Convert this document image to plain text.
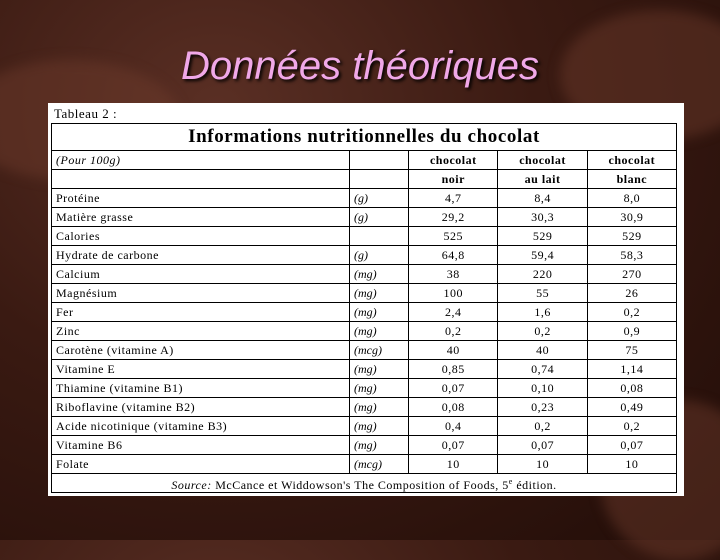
Données théoriques
Tableau 2 :
Informations nutritionnelles du chocolat
(Pour 100g)		chocolat	chocolat	chocolat
		noir	au lait	blanc
Protéine	(g)	4,7	8,4	8,0
Matière grasse	(g)	29,2	30,3	30,9
Calories		525	529	529
Hydrate de carbone	(g)	64,8	59,4	58,3
Calcium	(mg)	38	220	270
Magnésium	(mg)	100	55	26
Fer	(mg)	2,4	1,6	0,2
Zinc	(mg)	0,2	0,2	0,9
Carotène (vitamine A)	(mcg)	40	40	75
Vitamine E	(mg)	0,85	0,74	1,14
Thiamine (vitamine B1)	(mg)	0,07	0,10	0,08
Riboflavine (vitamine B2)	(mg)	0,08	0,23	0,49
Acide nicotinique (vitamine B3)	(mg)	0,4	0,2	0,2
Vitamine B6	(mg)	0,07	0,07	0,07
Folate	(mcg)	10	10	10
Source: McCance et Widdowson's The Composition of Foods, 5e édition.
